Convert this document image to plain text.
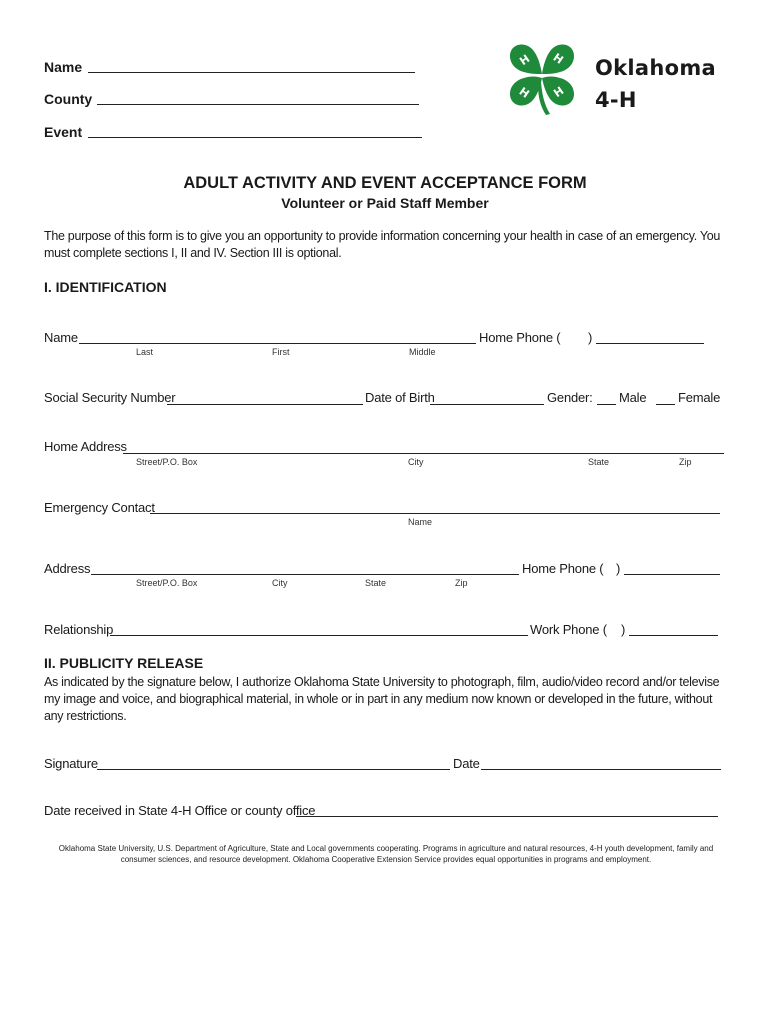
Name
County
Event
H H
H H
Oklahoma
4-H
ADULT ACTIVITY AND EVENT ACCEPTANCE FORM
Volunteer or Paid Staff Member
The purpose of this form is to give you an opportunity to provide information concerning your health in case of an emergency. You must complete sections I, II and IV. Section III is optional.
I. IDENTIFICATION
Name	Home Phone ( )
Last	First	Middle
Social Security Number	Date of Birth	Gender: Male Female
Home Address
Street/P.O. Box	City	State	Zip
Emergency Contact
Name
Address	Home Phone ( )
Street/P.O. Box	City	State	Zip
Relationship	Work Phone ( )
II. PUBLICITY RELEASE
As indicated by the signature below, I authorize Oklahoma State University to photograph, film, audio/video record and/or televise my image and voice, and biographical material, in whole or in part in any medium now known or developed in the future, without any restrictions.
Signature	Date
Date received in State 4-H Office or county office
Oklahoma State University, U.S. Department of Agriculture, State and Local governments cooperating. Programs in agriculture and natural resources, 4-H youth development, family and consumer sciences, and resource development. Oklahoma Cooperative Extension Service provides equal opportunities in programs and employment.
